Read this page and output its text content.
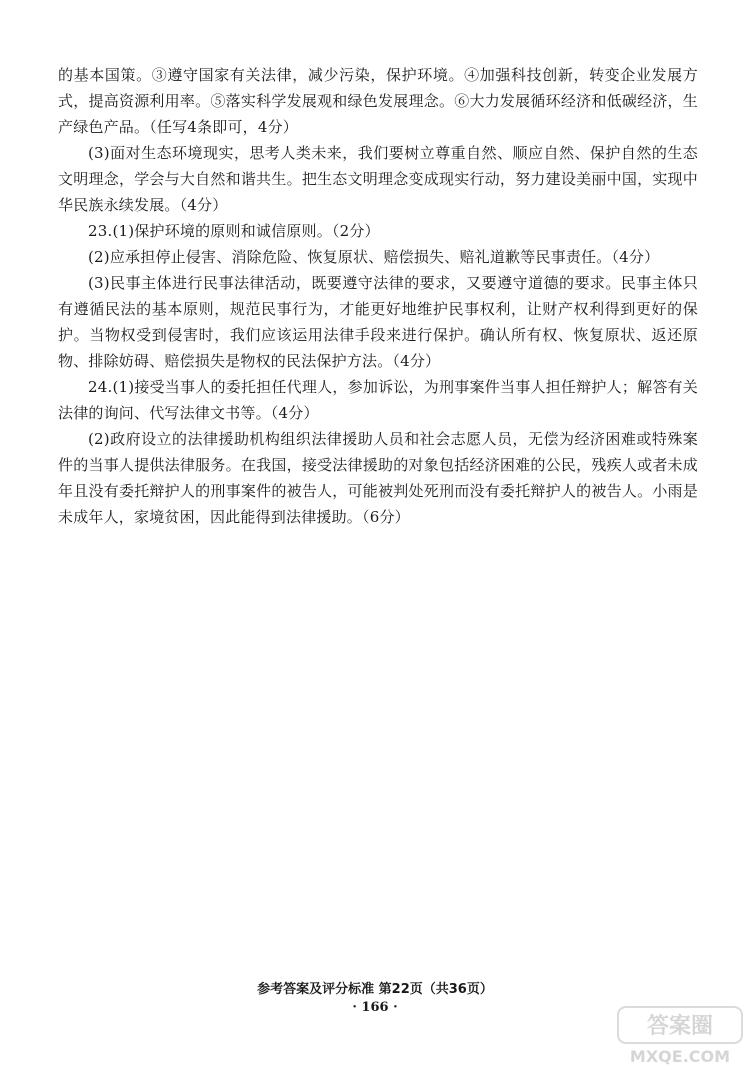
的基本国策。③遵守国家有关法律，减少污染，保护环境。④加强科技创新，转变企业发展方式，提高资源利用率。⑤落实科学发展观和绿色发展理念。⑥大力发展循环经济和低碳经济，生产绿色产品。（任写4条即可，4分）

(3)面对生态环境现实，思考人类未来，我们要树立尊重自然、顺应自然、保护自然的生态文明理念，学会与大自然和谐共生。把生态文明理念变成现实行动，努力建设美丽中国，实现中华民族永续发展。（4分）

23.(1)保护环境的原则和诚信原则。（2分）

(2)应承担停止侵害、消除危险、恢复原状、赔偿损失、赔礼道歉等民事责任。（4分）

(3)民事主体进行民事法律活动，既要遵守法律的要求，又要遵守道德的要求。民事主体只有遵循民法的基本原则，规范民事行为，才能更好地维护民事权利，让财产权利得到更好的保护。当物权受到侵害时，我们应该运用法律手段来进行保护。确认所有权、恢复原状、返还原物、排除妨碍、赔偿损失是物权的民法保护方法。（4分）

24.(1)接受当事人的委托担任代理人，参加诉讼，为刑事案件当事人担任辩护人；解答有关法律的询问、代写法律文书等。（4分）

(2)政府设立的法律援助机构组织法律援助人员和社会志愿人员，无偿为经济困难或特殊案件的当事人提供法律服务。在我国，接受法律援助的对象包括经济困难的公民，残疾人或者未成年且没有委托辩护人的刑事案件的被告人，可能被判处死刑而没有委托辩护人的被告人。小雨是未成年人，家境贫困，因此能得到法律援助。（6分）

参考答案及评分标准 第22页（共36页）
· 166 ·
答案圈
MXQE.COM
